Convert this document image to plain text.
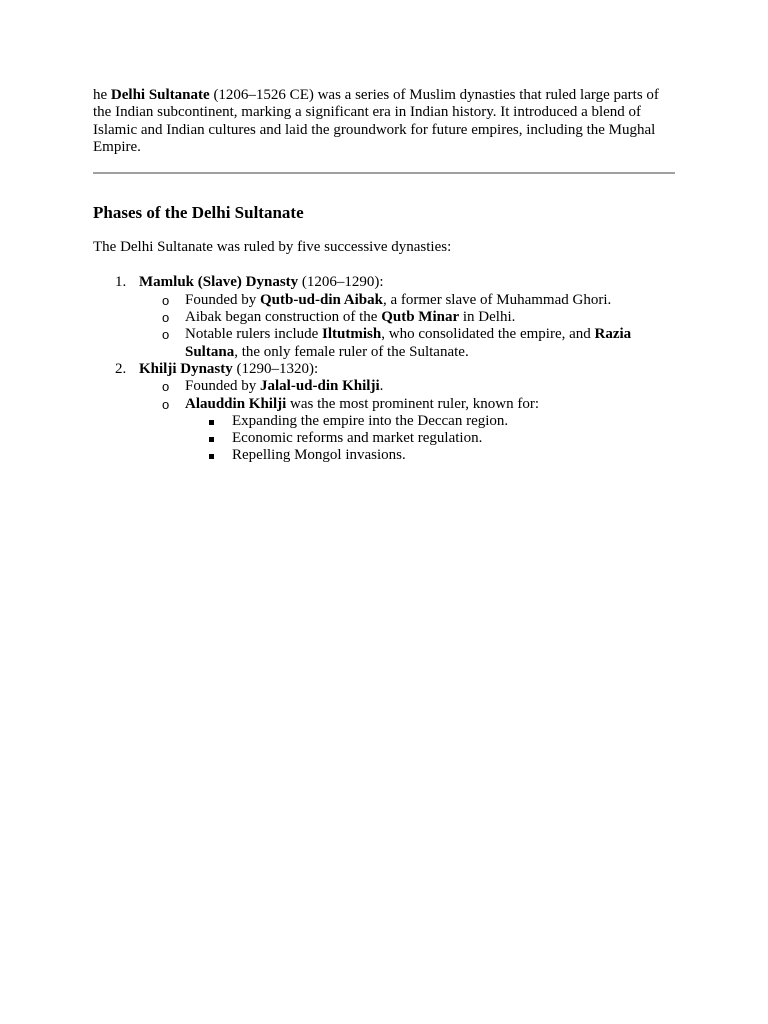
he Delhi Sultanate (1206–1526 CE) was a series of Muslim dynasties that ruled large parts of the Indian subcontinent, marking a significant era in Indian history. It introduced a blend of Islamic and Indian cultures and laid the groundwork for future empires, including the Mughal Empire.

Phases of the Delhi Sultanate

The Delhi Sultanate was ruled by five successive dynasties:

1. Mamluk (Slave) Dynasty (1206–1290):
o Founded by Qutb-ud-din Aibak, a former slave of Muhammad Ghori.
o Aibak began construction of the Qutb Minar in Delhi.
o Notable rulers include Iltutmish, who consolidated the empire, and Razia Sultana, the only female ruler of the Sultanate.
2. Khilji Dynasty (1290–1320):
o Founded by Jalal-ud-din Khilji.
o Alauddin Khilji was the most prominent ruler, known for:
Expanding the empire into the Deccan region.
Economic reforms and market regulation.
Repelling Mongol invasions.
